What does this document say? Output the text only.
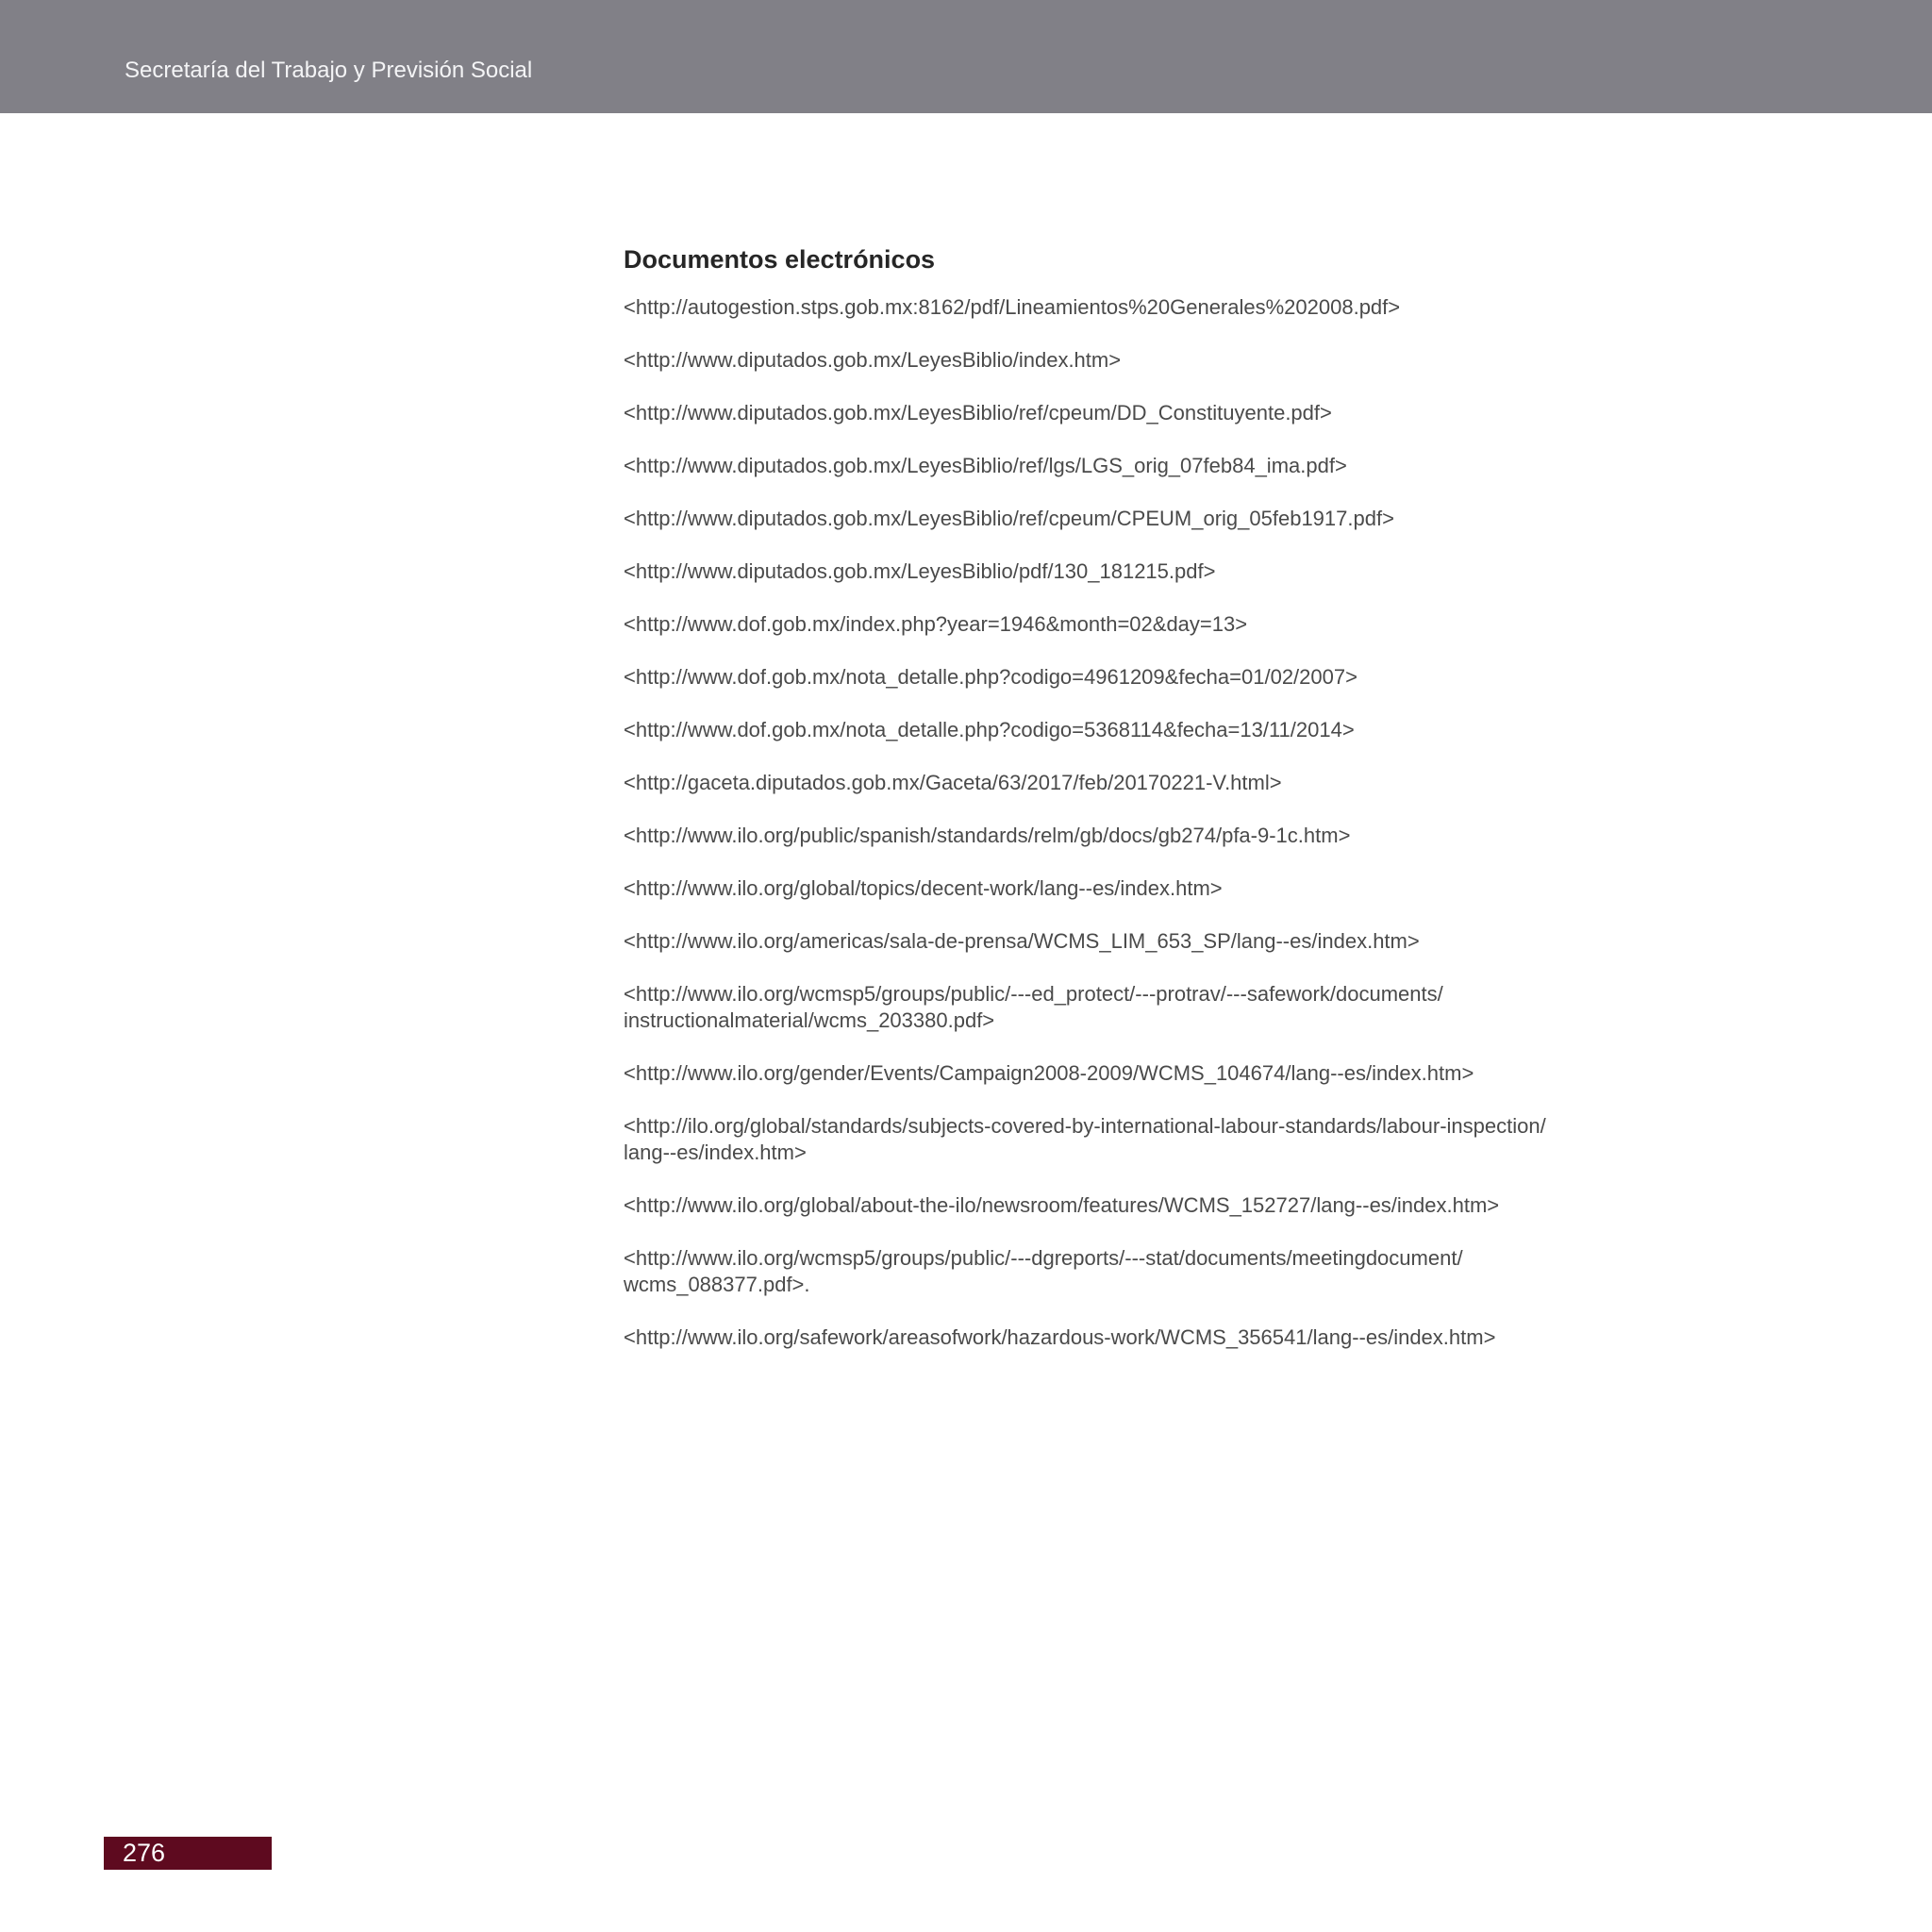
Secretaría del Trabajo y Previsión Social
Documentos electrónicos
<http://autogestion.stps.gob.mx:8162/pdf/Lineamientos%20Generales%202008.pdf>
<http://www.diputados.gob.mx/LeyesBiblio/index.htm>
<http://www.diputados.gob.mx/LeyesBiblio/ref/cpeum/DD_Constituyente.pdf>
<http://www.diputados.gob.mx/LeyesBiblio/ref/lgs/LGS_orig_07feb84_ima.pdf>
<http://www.diputados.gob.mx/LeyesBiblio/ref/cpeum/CPEUM_orig_05feb1917.pdf>
<http://www.diputados.gob.mx/LeyesBiblio/pdf/130_181215.pdf>
<http://www.dof.gob.mx/index.php?year=1946&month=02&day=13>
<http://www.dof.gob.mx/nota_detalle.php?codigo=4961209&fecha=01/02/2007>
<http://www.dof.gob.mx/nota_detalle.php?codigo=5368114&fecha=13/11/2014>
<http://gaceta.diputados.gob.mx/Gaceta/63/2017/feb/20170221-V.html>
<http://www.ilo.org/public/spanish/standards/relm/gb/docs/gb274/pfa-9-1c.htm>
<http://www.ilo.org/global/topics/decent-work/lang--es/index.htm>
<http://www.ilo.org/americas/sala-de-prensa/WCMS_LIM_653_SP/lang--es/index.htm>
<http://www.ilo.org/wcmsp5/groups/public/---ed_protect/---protrav/---safework/documents/
instructionalmaterial/wcms_203380.pdf>
<http://www.ilo.org/gender/Events/Campaign2008-2009/WCMS_104674/lang--es/index.htm>
<http://ilo.org/global/standards/subjects-covered-by-international-labour-standards/labour-inspection/
lang--es/index.htm>
<http://www.ilo.org/global/about-the-ilo/newsroom/features/WCMS_152727/lang--es/index.htm>
<http://www.ilo.org/wcmsp5/groups/public/---dgreports/---stat/documents/meetingdocument/
wcms_088377.pdf>.
<http://www.ilo.org/safework/areasofwork/hazardous-work/WCMS_356541/lang--es/index.htm>
276
